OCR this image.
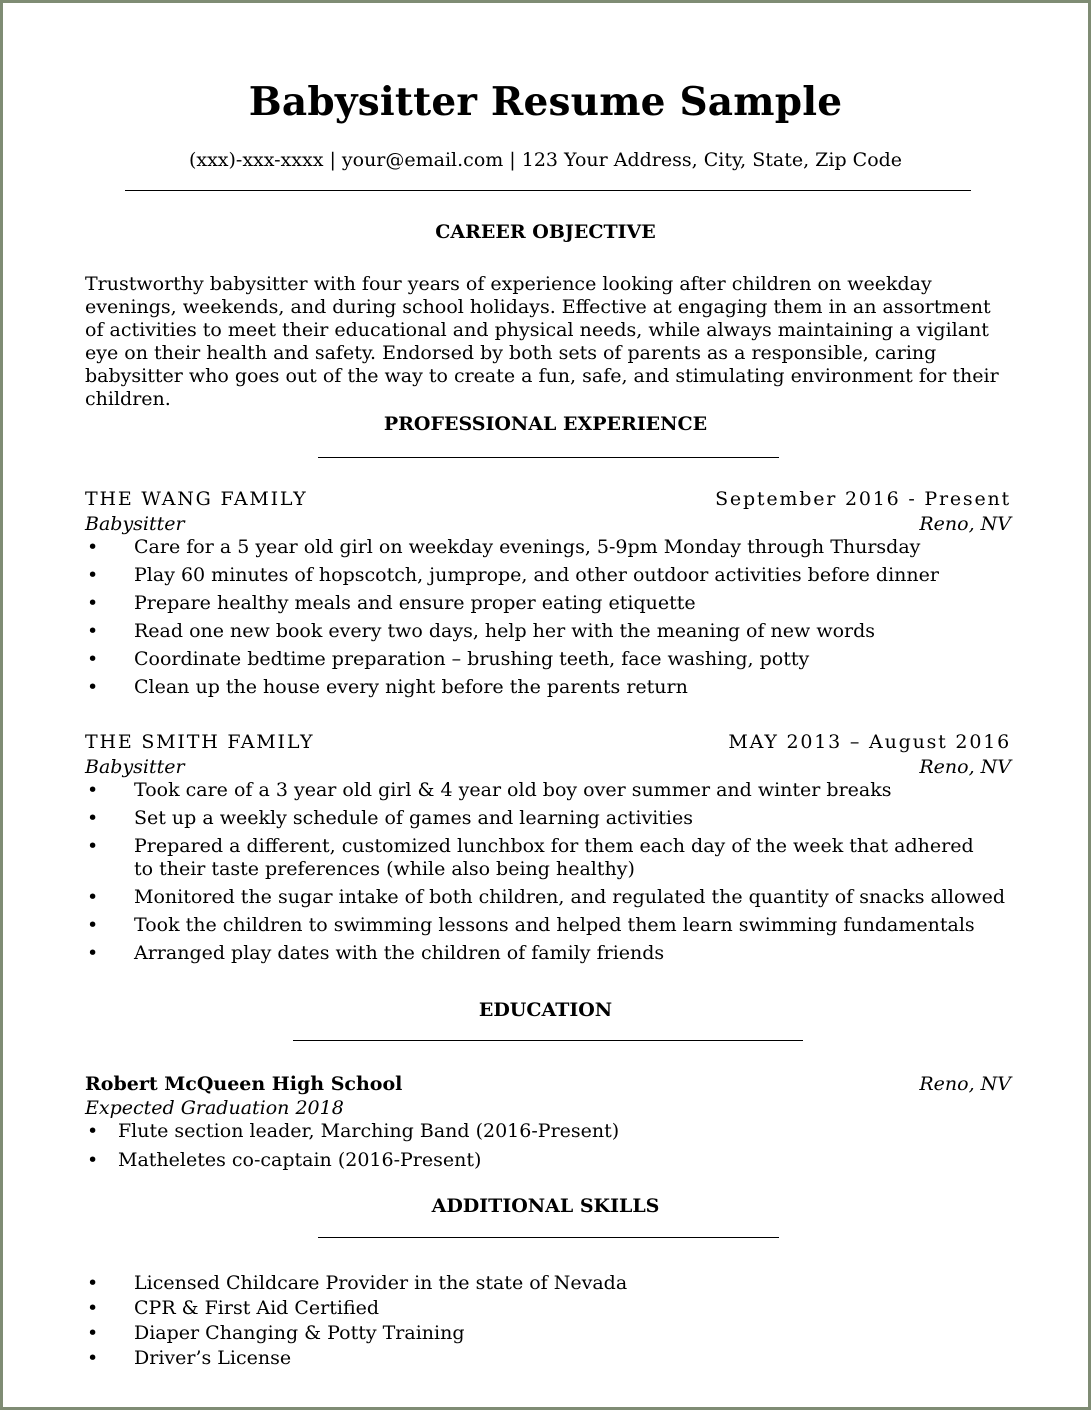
Babysitter Resume Sample
(xxx)-xxx-xxxx | your@email.com | 123 Your Address, City, State, Zip Code
CAREER OBJECTIVE
Trustworthy babysitter with four years of experience looking after children on weekday evenings, weekends, and during school holidays. Effective at engaging them in an assortment of activities to meet their educational and physical needs, while always maintaining a vigilant eye on their health and safety. Endorsed by both sets of parents as a responsible, caring babysitter who goes out of the way to create a fun, safe, and stimulating environment for their children.
PROFESSIONAL EXPERIENCE
THE WANG FAMILY	September 2016 - Present
Babysitter	Reno, NV
• Care for a 5 year old girl on weekday evenings, 5-9pm Monday through Thursday
• Play 60 minutes of hopscotch, jumprope, and other outdoor activities before dinner
• Prepare healthy meals and ensure proper eating etiquette
• Read one new book every two days, help her with the meaning of new words
• Coordinate bedtime preparation – brushing teeth, face washing, potty
• Clean up the house every night before the parents return
THE SMITH FAMILY	MAY 2013 – August 2016
Babysitter	Reno, NV
• Took care of a 3 year old girl & 4 year old boy over summer and winter breaks
• Set up a weekly schedule of games and learning activities
• Prepared a different, customized lunchbox for them each day of the week that adhered to their taste preferences (while also being healthy)
• Monitored the sugar intake of both children, and regulated the quantity of snacks allowed
• Took the children to swimming lessons and helped them learn swimming fundamentals
• Arranged play dates with the children of family friends
EDUCATION
Robert McQueen High School	Reno, NV
Expected Graduation 2018
• Flute section leader, Marching Band (2016-Present)
• Matheletes co-captain (2016-Present)
ADDITIONAL SKILLS
• Licensed Childcare Provider in the state of Nevada
• CPR & First Aid Certified
• Diaper Changing & Potty Training
• Driver’s License
